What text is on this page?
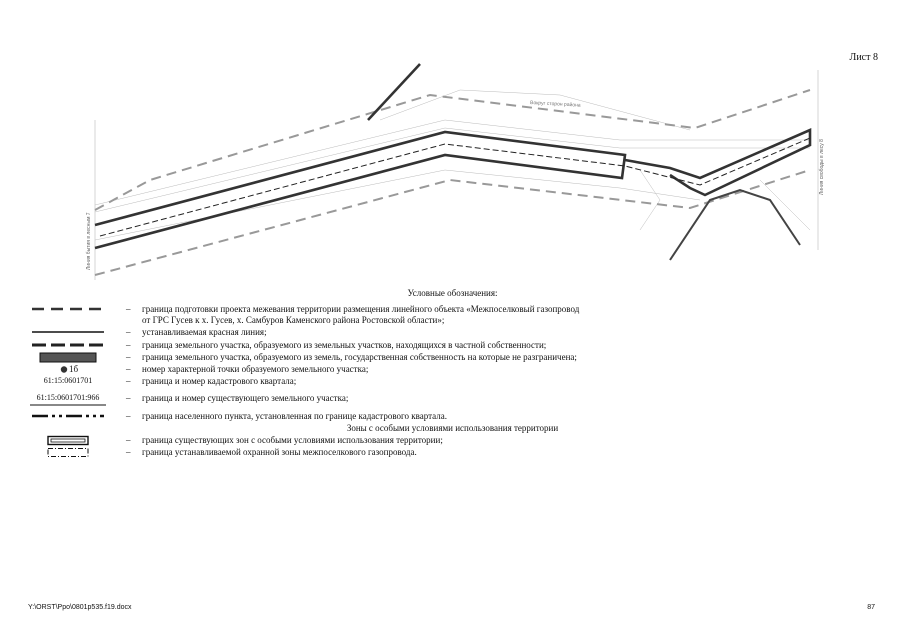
Лист 8
Линия бытия в лесным 7
Линия свободы в лесу 8
Вокруг сторон района
Условные обозначения:
– граница подготовки проекта межевания территории размещения линейного объекта «Межпоселковый газопровод
от ГРС Гусев к х. Гусев, х. Самбуров Каменского района Ростовской области»;
– устанавливаемая красная линия;
– граница земельного участка, образуемого из земельных участков, находящихся в частной собственности;
– граница земельного участка, образуемого из земель, государственная собственность на которые не разграничена;
1б	– номер характерной точки образуемого земельного участка;
61:15:0601701	– граница и номер кадастрового квартала;
61:15:0601701:966	– граница и номер существующего земельного участка;
– граница населенного пункта, установленная по границе кадастрового квартала.
Зоны с особыми условиями использования территории
– граница существующих зон с особыми условиями использования территории;
– граница устанавливаемой охранной зоны межпоселкового газопровода.
Y:\ORST\Ppo\0801p535.f19.docx	87
